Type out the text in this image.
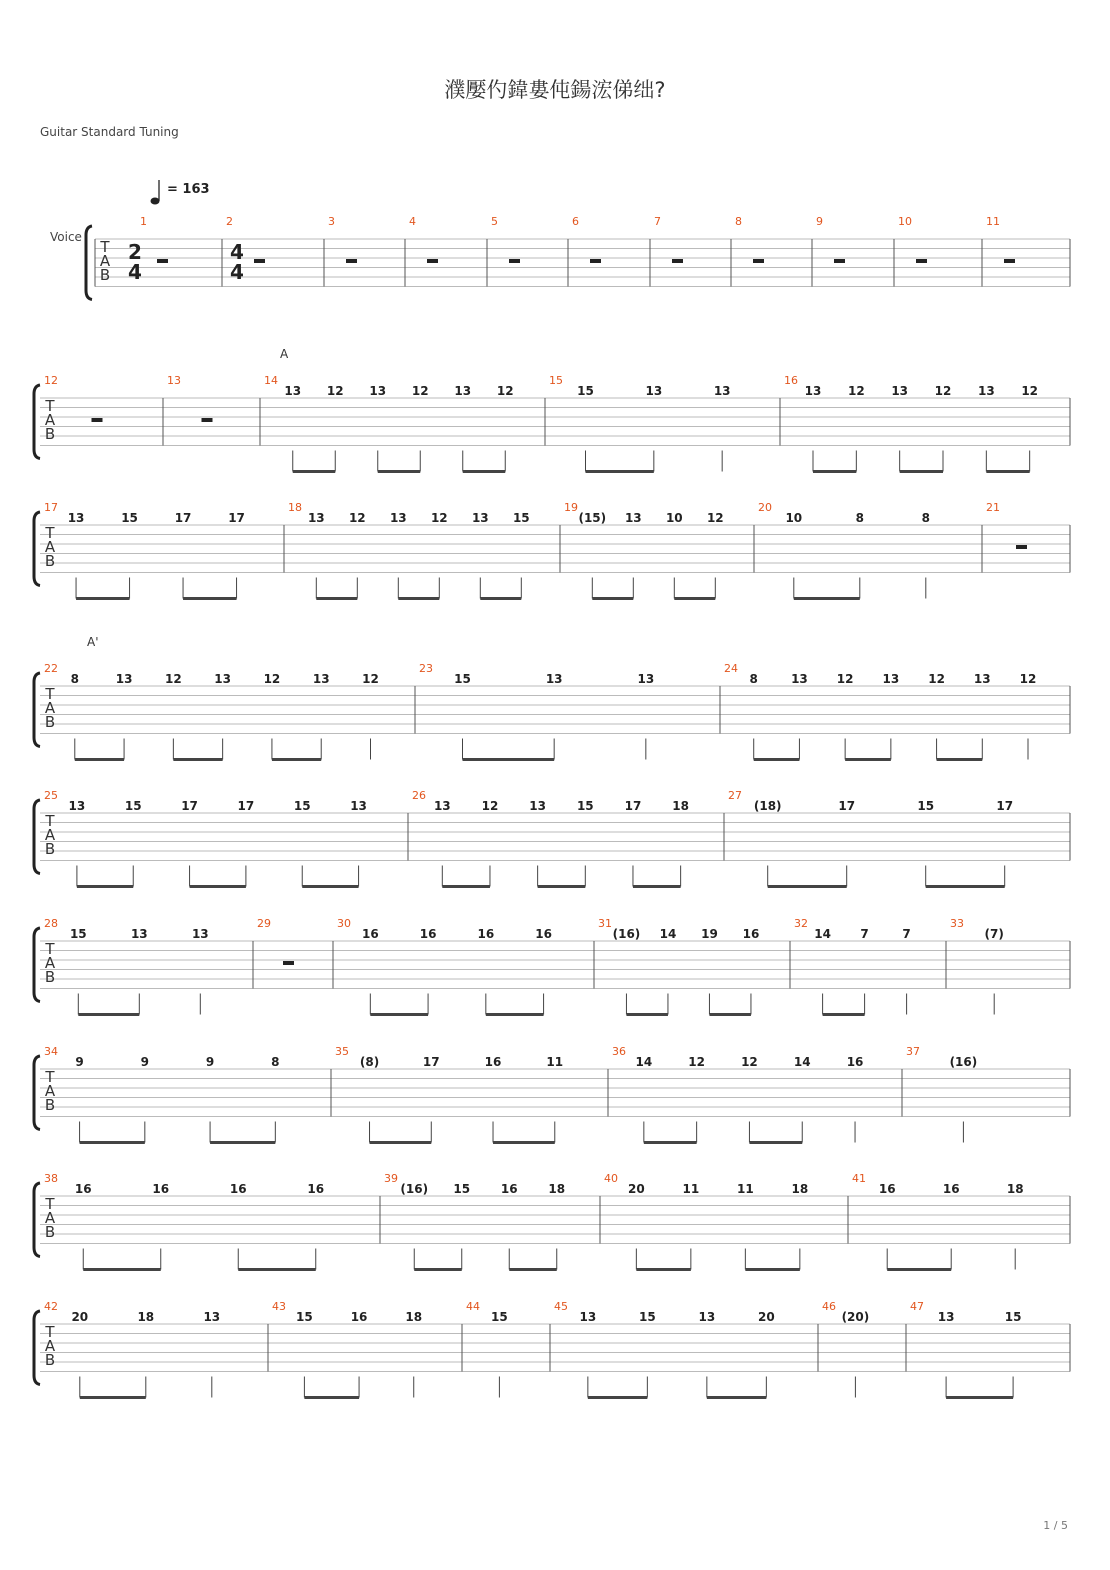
濮嬮仢鍏婁伅鍚浤俤绌?
Guitar Standard Tuning
1 / 5
T
A
B
1	2	3	4	5	6	7	8	9	10	11
2
4
4
4
Voice
= 163
T
A
B
12	13	14
13 12 13 12 13 12
15
15	13	13
16
13 12 13 12 13 12
T
A
B
17
13	15	17	17
18
13 12 13 12 13 15
19
(15) 13 10 12
20
10	8	8
21
T
A
B
22
8	13	12	13	12	13	12
23
15	13	13
24
8	13 12 13 12 13 12
T
A
B
25
13	15	17	17	15	13
26
13	12	13	15	17	18
27
(18)	17	15	17
T
A
B
28
15	13	13
29	30
16	16	16	16
31
(16) 14 19 16
32
14 7	7
33
(7)
T
A
B
34
9	9	9	8
35
(8)	17	16	11
36
14	12	12	14	16
37
(16)
T
A
B
38
16	16	16	16
39
(16) 15	16	18
40
20	11	11	18
41
16	16	18
T
A
B
42
20	18	13
43
15	16	18
44
15
45
13	15	13	20
46
(20)
47
13	15
A
A'
